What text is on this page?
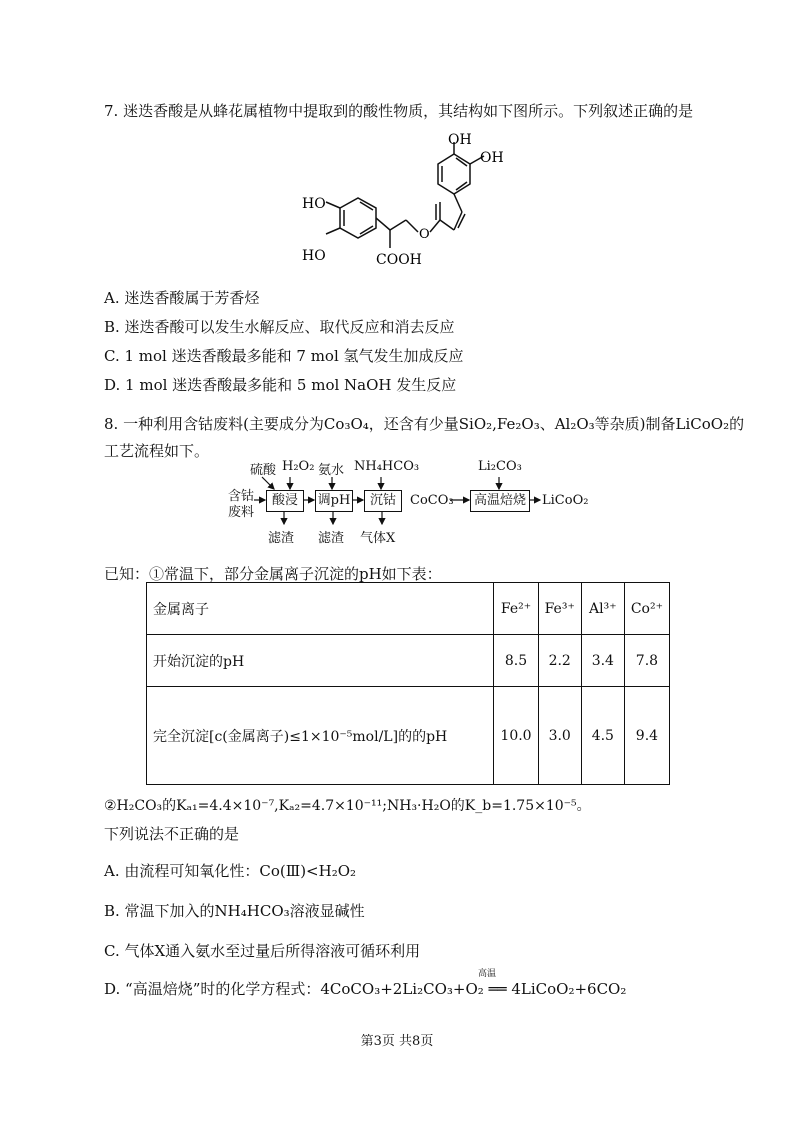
7. 迷迭香酸是从蜂花属植物中提取到的酸性物质，其结构如下图所示。下列叙述正确的是
OH
OH
HO
HO	COOH
O
A. 迷迭香酸属于芳香烃
B. 迷迭香酸可以发生水解反应、取代反应和消去反应
C. 1 mol 迷迭香酸最多能和 7 mol 氢气发生加成反应
D. 1 mol 迷迭香酸最多能和 5 mol NaOH 发生反应
8. 一种利用含钴废料(主要成分为Co₃O₄，还含有少量SiO₂,Fe₂O₃、Al₂O₃等杂质)制备LiCoO₂的
工艺流程如下。
硫酸 H₂O₂ 氨水 NH₄HCO₃	Li₂CO₃
含钴
废料
酸浸	调pH	沉钴	CoCO₃	高温焙烧	LiCoO₂
滤渣 滤渣 气体X
已知：①常温下，部分金属离子沉淀的pH如下表：
金属离子	Fe²⁺	Fe³⁺	Al³⁺	Co²⁺
开始沉淀的pH	8.5	2.2	3.4	7.8
完全沉淀[c(金属离子)≤1×10⁻⁵mol/L]的的pH	10.0	3.0	4.5	9.4
②H₂CO₃的Kₐ₁=4.4×10⁻⁷,Kₐ₂=4.7×10⁻¹¹;NH₃·H₂O的K_b=1.75×10⁻⁵。
下列说法不正确的是
A. 由流程可知氧化性：Co(Ⅲ)<H₂O₂
B. 常温下加入的NH₄HCO₃溶液显碱性
C. 气体X通入氨水至过量后所得溶液可循环利用
D. “高温焙烧”时的化学方程式：4CoCO₃+2Li₂CO₃+O₂ ══ 4LiCoO₂+6CO₂
高温
第3页 共8页
